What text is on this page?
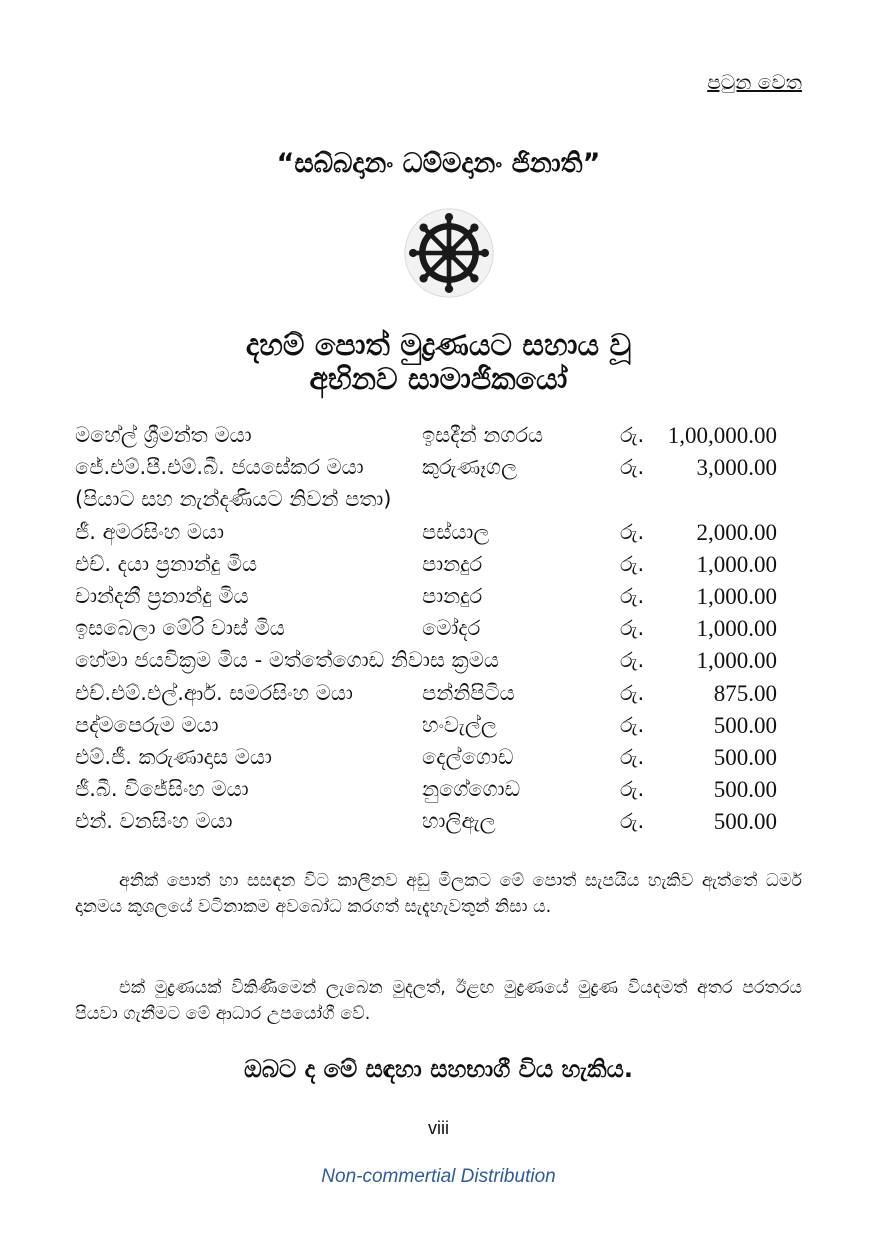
පටුන වෙත
“සබ්බදානං ධම්මදානං ජිනාති”
දහම් පොත් මුද්‍රණයට සහාය වූ
අභිනව සාමාජිකයෝ
මහේල් ශ්‍රීමන්ත මයා	ඉසදීන් නගරය	රු. 1,00,000.00
ජේ.එම්.පී.එම්.බී. ජයසේකර මයා	කුරුණෑගල	රු. 3,000.00
(පියාට සහ නැන්දණියට නිවන් පතා)
ජී. අමරසිංහ මයා	පස්යාල	රු. 2,000.00
එච්. දයා ප්‍රනාන්දු මිය	පානදුර	රු. 1,000.00
චාන්දනී ප්‍රනාන්දු මිය	පානදුර	රු. 1,000.00
ඉසබෙලා මේරි වාස් මිය	මෝදර	රු. 1,000.00
හේමා ජයවික්‍රම මිය - මත්තේගොඩ නිවාස ක්‍රමය	රු. 1,000.00
එච්.එම්.එල්.ආර්. සමරසිංහ මයා	පන්නිපිටිය	රු.	875.00
පද්මපෙරුම මයා	හංවැල්ල	රු.	500.00
එම්.ජී. කරුණාදාස මයා	දෙල්ගොඩ	රු.	500.00
ජී.බී. විජේසිංහ මයා	නුගේගොඩ	රු.	500.00
එන්. වනසිංහ මයා	හාලිඇල	රු.	500.00
අනික් පොත් හා සසඳන විට කාලීනව අඩු මිලකට මේ පොත් සැපයිය හැකිව ඇත්තේ ධර්ම දානමය කුශලයේ වටිනාකම අවබෝධ කරගත් සැදැහැවතුන් නිසා ය.
එක් මුද්‍රණයක් විකිණීමෙන් ලැබෙන මුදලත්, ඊළඟ මුද්‍රණයේ මුද්‍රණ වියදමත් අතර පරතරය පියවා ගැනීමට මේ ආධාර උපයෝගී වේ.
ඔබට ද මේ සඳහා සහභාගී විය හැකිය.
viii
Non-commertial Distribution
